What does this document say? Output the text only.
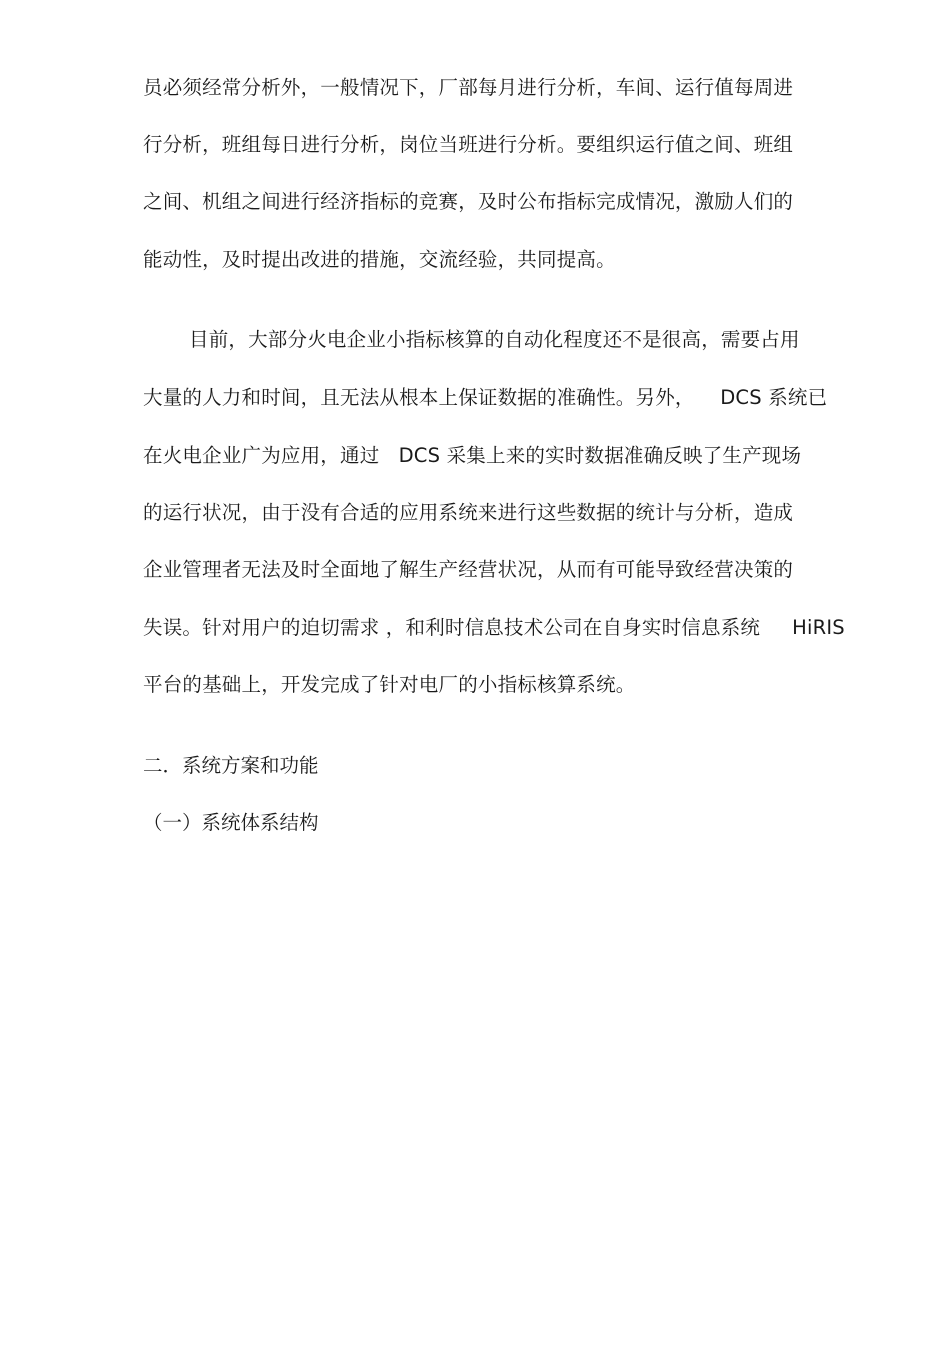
员必须经常分析外，一般情况下，厂部每月进行分析，车间、运行值每周进
行分析，班组每日进行分析，岗位当班进行分析。要组织运行值之间、班组
之间、机组之间进行经济指标的竞赛，及时公布指标完成情况，激励人们的
能动性，及时提出改进的措施，交流经验，共同提高。
目前，大部分火电企业小指标核算的自动化程度还不是很高，需要占用
大量的人力和时间，且无法从根本上保证数据的准确性。另外，    DCS 系统已
在火电企业广为应用，通过   DCS 采集上来的实时数据准确反映了生产现场
的运行状况，由于没有合适的应用系统来进行这些数据的统计与分析，造成
企业管理者无法及时全面地了解生产经营状况，从而有可能导致经营决策的
失误。针对用户的迫切需求 ，和利时信息技术公司在自身实时信息系统     HiRIS
平台的基础上，开发完成了针对电厂的小指标核算系统。
二．系统方案和功能
（一）系统体系结构
